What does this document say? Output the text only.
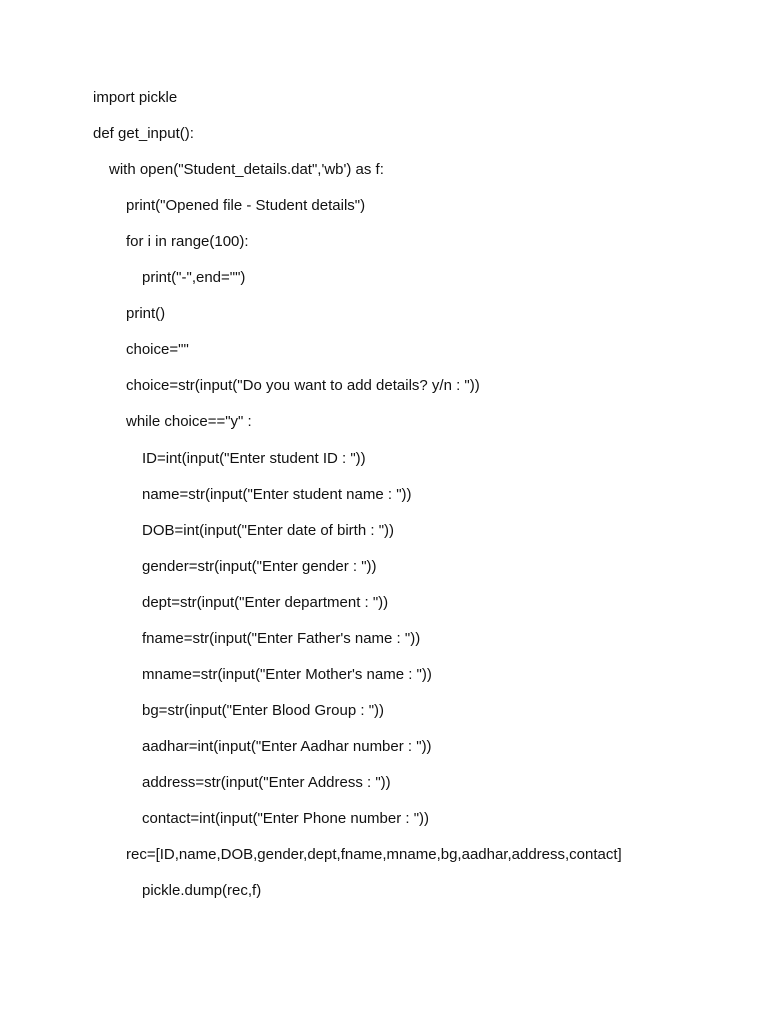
import pickle
def get_input():
with open("Student_details.dat",'wb') as f:
print("Opened file - Student details")
for i in range(100):
print("-",end="")
print()
choice=""
choice=str(input("Do you want to add details? y/n : "))
while choice=="y" :
ID=int(input("Enter student ID : "))
name=str(input("Enter student name : "))
DOB=int(input("Enter date of birth : "))
gender=str(input("Enter gender : "))
dept=str(input("Enter department : "))
fname=str(input("Enter Father's name : "))
mname=str(input("Enter Mother's name : "))
bg=str(input("Enter Blood Group : "))
aadhar=int(input("Enter Aadhar number : "))
address=str(input("Enter Address : "))
contact=int(input("Enter Phone number : "))
rec=[ID,name,DOB,gender,dept,fname,mname,bg,aadhar,address,contact]
pickle.dump(rec,f)
